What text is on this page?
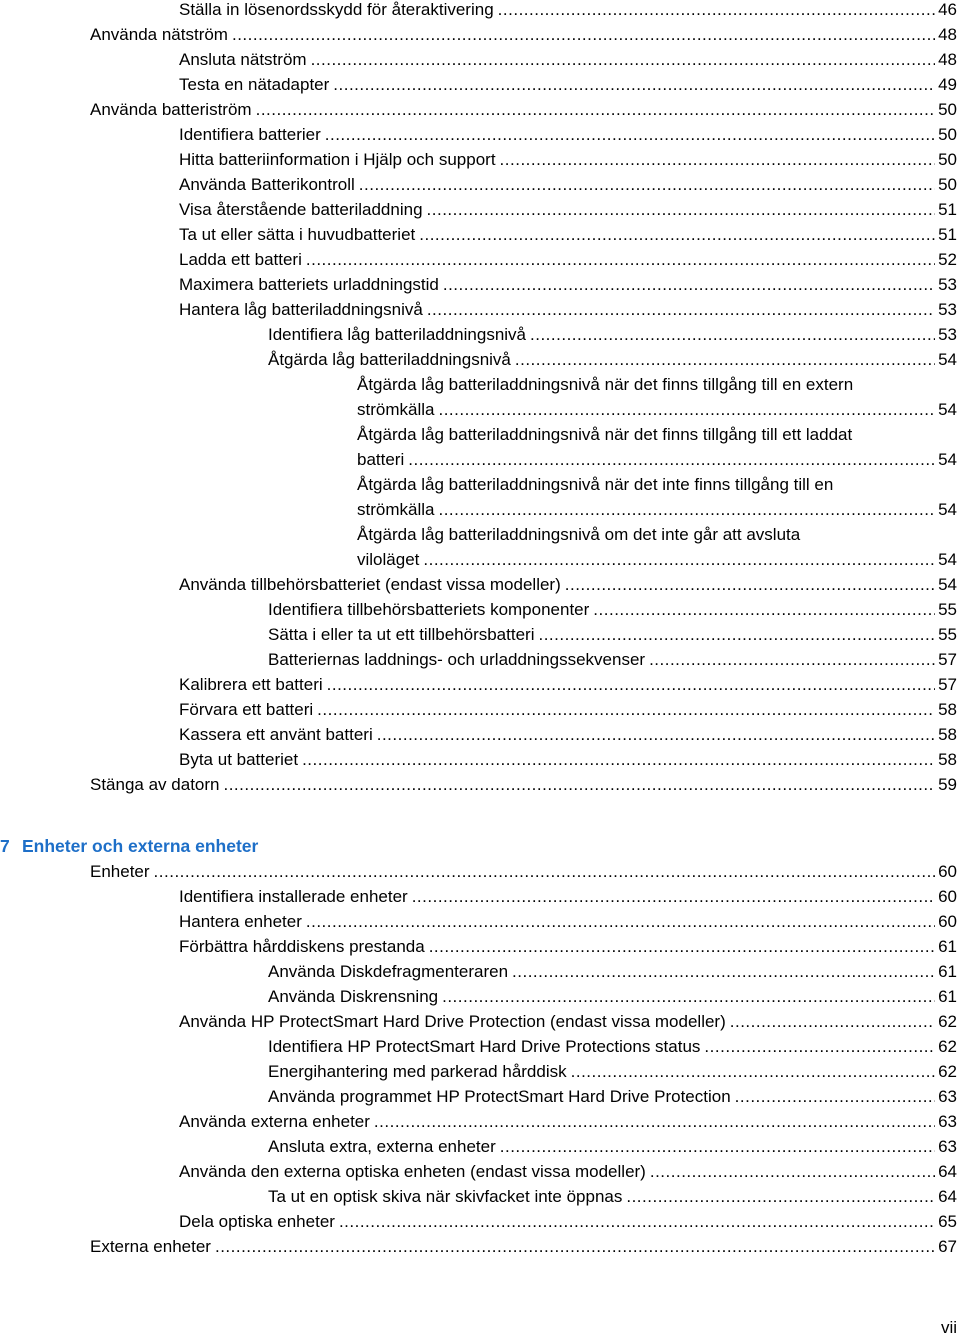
Ställa in lösenordsskydd för återaktivering .....	46
Använda nätström .....	48
Ansluta nätström .....	48
Testa en nätadapter .....	49
Använda batteriström .....	50
Identifiera batterier .....	50
Hitta batteriinformation i Hjälp och support .....	50
Använda Batterikontroll .....	50
Visa återstående batteriladdning .....	51
Ta ut eller sätta i huvudbatteriet .....	51
Ladda ett batteri .....	52
Maximera batteriets urladdningstid .....	53
Hantera låg batteriladdningsnivå .....	53
Identifiera låg batteriladdningsnivå .....	53
Åtgärda låg batteriladdningsnivå .....	54
Åtgärda låg batteriladdningsnivå när det finns tillgång till en extern
strömkälla .....	54
Åtgärda låg batteriladdningsnivå när det finns tillgång till ett laddat
batteri .....	54
Åtgärda låg batteriladdningsnivå när det inte finns tillgång till en
strömkälla .....	54
Åtgärda låg batteriladdningsnivå om det inte går att avsluta
viloläget .....	54
Använda tillbehörsbatteriet (endast vissa modeller) .....	54
Identifiera tillbehörsbatteriets komponenter .....	55
Sätta i eller ta ut ett tillbehörsbatteri .....	55
Batteriernas laddnings- och urladdningssekvenser .....	57
Kalibrera ett batteri .....	57
Förvara ett batteri .....	58
Kassera ett använt batteri .....	58
Byta ut batteriet .....	58
Stänga av datorn .....	59
Enheter .....	60
Identifiera installerade enheter .....	60
Hantera enheter .....	60
Förbättra hårddiskens prestanda .....	61
Använda Diskdefragmenteraren .....	61
Använda Diskrensning .....	61
Använda HP ProtectSmart Hard Drive Protection (endast vissa modeller) .....	62
Identifiera HP ProtectSmart Hard Drive Protections status .....	62
Energihantering med parkerad hårddisk .....	62
Använda programmet HP ProtectSmart Hard Drive Protection .....	63
Använda externa enheter .....	63
Ansluta extra, externa enheter .....	63
Använda den externa optiska enheten (endast vissa modeller) .....	64
Ta ut en optisk skiva när skivfacket inte öppnas .....	64
Dela optiska enheter .....	65
Externa enheter .....	67
7 Enheter och externa enheter
vii
